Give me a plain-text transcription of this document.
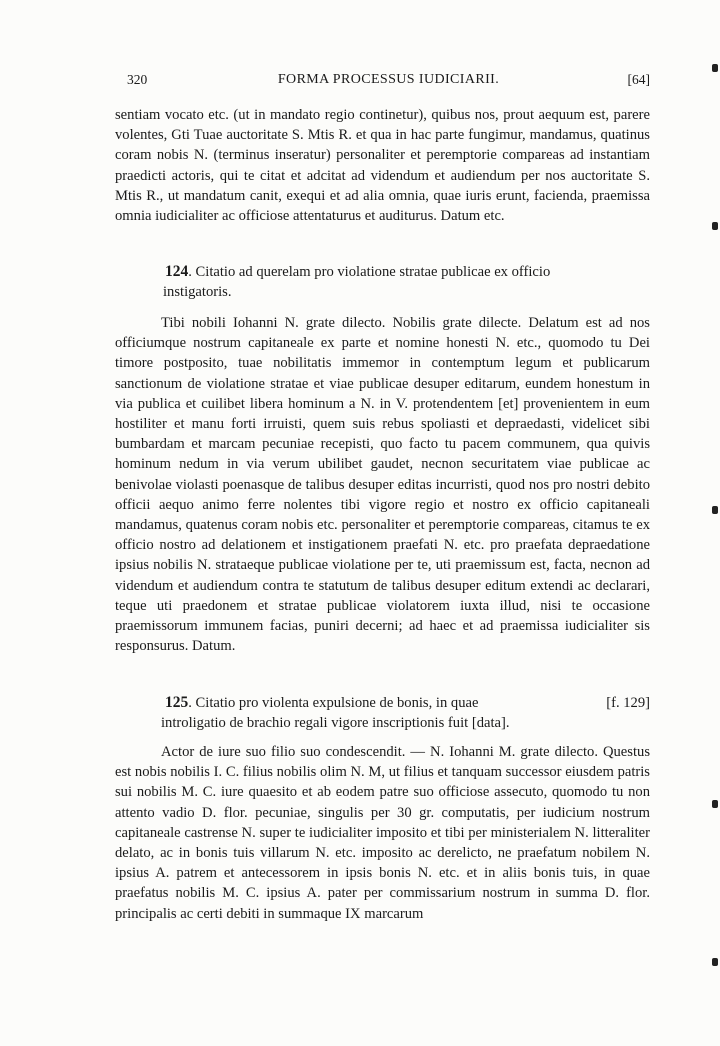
320	FORMA PROCESSUS IUDICIARII.	[64]

sentiam vocato etc. (ut in mandato regio continetur), quibus nos, prout aequum est, parere volentes, Gti Tuae auctoritate S. Mtis R. et qua in hac parte fungimur, mandamus, quatinus coram nobis N. (terminus inseratur) personaliter et peremptorie compareas ad instantiam praedicti actoris, qui te citat et adcitat ad videndum et audiendum per nos auctoritate S. Mtis R., ut mandatum canit, exequi et ad alia omnia, quae iuris erunt, facienda, praemissa omnia iudicialiter ac officiose attentaturus et auditurus. Datum etc.

124. Citatio ad querelam pro violatione stratae publicae ex officio
instigatoris.

Tibi nobili Iohanni N. grate dilecto. Nobilis grate dilecte. Delatum est ad nos officiumque nostrum capitaneale ex parte et nomine honesti N. etc., quomodo tu Dei timore postposito, tuae nobilitatis immemor in contemptum legum et publicarum sanctionum de violatione stratae et viae publicae desuper editarum, eundem honestum in via publica et cuilibet libera hominum a N. in V. protendentem [et] provenientem in eum hostiliter et manu forti irruisti, quem suis rebus spoliasti et depraedasti, videlicet sibi bumbardam et marcam pecuniae recepisti, quo facto tu pacem communem, qua quivis hominum nedum in via verum ubilibet gaudet, necnon securitatem viae publicae ac benivolae violasti poenasque de talibus desuper editas incurristi, quod nos pro nostri debito officii aequo animo ferre nolentes tibi vigore regio et nostro ex officio capitaneali mandamus, quatenus coram nobis etc. personaliter et peremptorie compareas, citamus te ex officio nostro ad delationem et instigationem praefati N. etc. pro praefata depraedatione ipsius nobilis N. strataeque publicae violatione per te, uti praemissum est, facta, necnon ad videndum et audiendum contra te statutum de talibus desuper editum extendi ac declarari, teque uti praedonem et stratae publicae violatorem iuxta illud, nisi te occasione praemissorum immunem facias, puniri decerni; ad haec et ad praemissa iudicialiter sis responsurus. Datum.

[f. 129]
125. Citatio pro violenta expulsione de bonis, in quae
introligatio de brachio regali vigore inscriptionis fuit [data].

Actor de iure suo filio suo condescendit. — N. Iohanni M. grate dilecto. Questus est nobis nobilis I. C. filius nobilis olim N. M, ut filius et tanquam successor eiusdem patris sui nobilis M. C. iure quaesito et ab eodem patre suo officiose assecuto, quomodo tu non attento vadio D. flor. pecuniae, singulis per 30 gr. computatis, per iudicium nostrum capitaneale castrense N. super te iudicialiter imposito et tibi per ministerialem N. litteraliter delato, ac in bonis tuis villarum N. etc. imposito ac derelicto, ne praefatum nobilem N. ipsius A. patrem et antecessorem in ipsis bonis N. etc. et in aliis bonis tuis, in quae praefatus nobilis M. C. ipsius A. pater per commissarium nostrum in summa D. flor. principalis ac certi debiti in summaque IX marcarum
